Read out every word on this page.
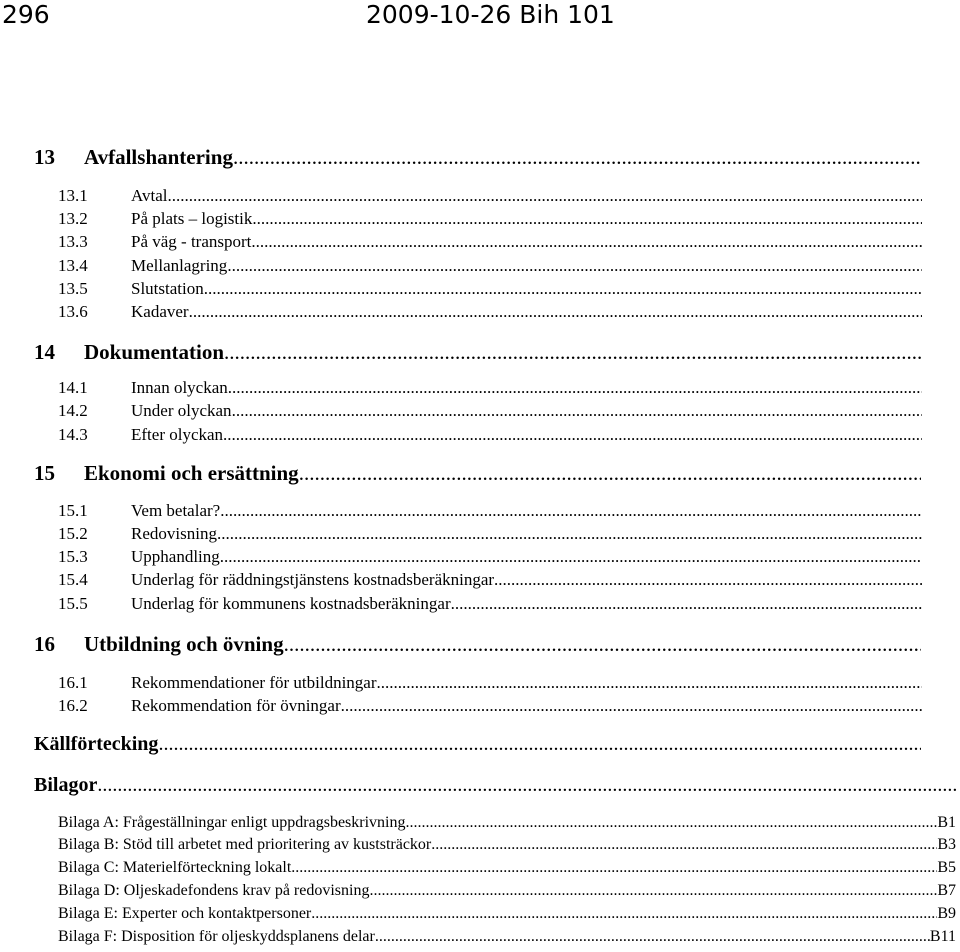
296	2009-10-26 Bih 101
13	Avfallshantering
.....
13.1	Avtal
.....
13.2	På plats – logistik
.....
13.3	På väg - transport
.....
13.4	Mellanlagring
.....
13.5	Slutstation
.....
13.6	Kadaver
.....
14	Dokumentation
.....
14.1	Innan olyckan
.....
14.2	Under olyckan
.....
14.3	Efter olyckan
.....
15	Ekonomi och ersättning
.....
15.1	Vem betalar?
.....
15.2	Redovisning
.....
15.3	Upphandling
.....
15.4	Underlag för räddningstjänstens kostnadsberäkningar
.....
15.5	Underlag för kommunens kostnadsberäkningar
.....
16	Utbildning och övning
.....
16.1	Rekommendationer för utbildningar
.....
16.2	Rekommendation för övningar
.....
Källförtecking
.....
Bilagor
.....
Bilaga A: Frågeställningar enligt uppdragsbeskrivning .....	B1
Bilaga B: Stöd till arbetet med prioritering av kuststräckor .....	B3
Bilaga C: Materielförteckning lokalt .....	B5
Bilaga D: Oljeskadefondens krav på redovisning .....	B7
Bilaga E: Experter och kontaktpersoner .....	B9
Bilaga F: Disposition för oljeskyddsplanens delar .....	B11
